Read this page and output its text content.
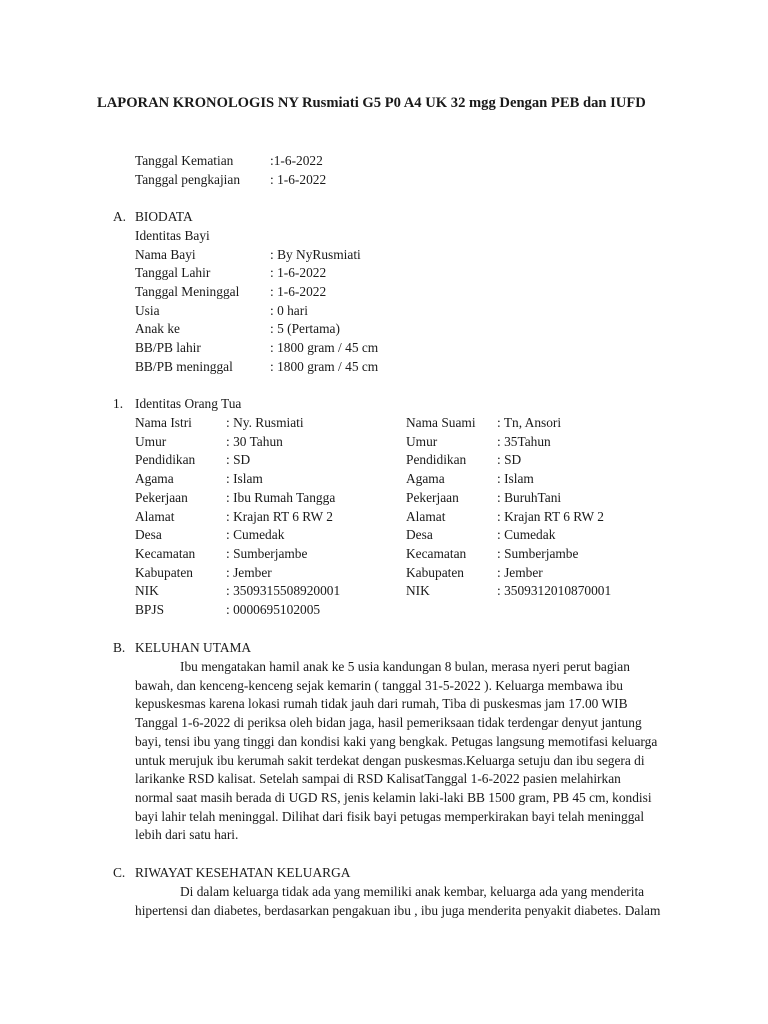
LAPORAN KRONOLOGIS NY Rusmiati G5 P0 A4 UK 32 mgg Dengan PEB dan IUFD
Tanggal Kematian	:1-6-2022
Tanggal pengkajian : 1-6-2022
A. BIODATA
Identitas Bayi
Nama Bayi	: By NyRusmiati
Tanggal Lahir	: 1-6-2022
Tanggal Meninggal : 1-6-2022
Usia	: 0 hari
Anak ke	: 5 (Pertama)
BB/PB lahir	: 1800 gram / 45 cm
BB/PB meninggal	: 1800 gram / 45 cm
1. Identitas Orang Tua
Nama Istri	: Ny. Rusmiati	Nama Suami : Tn, Ansori
Umur	: 30 Tahun	Umur	: 35Tahun
Pendidikan : SD	Pendidikan : SD
Agama	: Islam	Agama	: Islam
Pekerjaan	: Ibu Rumah Tangga	Pekerjaan	: BuruhTani
Alamat	: Krajan RT 6 RW 2	Alamat	: Krajan RT 6 RW 2
Desa	: Cumedak	Desa	: Cumedak
Kecamatan : Sumberjambe	Kecamatan : Sumberjambe
Kabupaten : Jember	Kabupaten : Jember
NIK	: 3509315508920001	NIK	: 3509312010870001
BPJS	: 0000695102005
B. KELUHAN UTAMA
Ibu mengatakan hamil anak ke 5 usia kandungan 8 bulan, merasa nyeri perut bagian
bawah, dan kenceng-kenceng sejak kemarin ( tanggal 31-5-2022 ). Keluarga membawa ibu
kepuskesmas karena lokasi rumah tidak jauh dari rumah, Tiba di puskesmas jam 17.00 WIB
Tanggal 1-6-2022 di periksa oleh bidan jaga, hasil pemeriksaan tidak terdengar denyut jantung
bayi, tensi ibu yang tinggi dan kondisi kaki yang bengkak. Petugas langsung memotifasi keluarga
untuk merujuk ibu kerumah sakit terdekat dengan puskesmas.Keluarga setuju dan ibu segera di
larikanke RSD kalisat. Setelah sampai di RSD KalisatTanggal 1-6-2022 pasien melahirkan
normal saat masih berada di UGD RS, jenis kelamin laki-laki BB 1500 gram, PB 45 cm, kondisi
bayi lahir telah meninggal. Dilihat dari fisik bayi petugas memperkirakan bayi telah meninggal
lebih dari satu hari.
C. RIWAYAT KESEHATAN KELUARGA
Di dalam keluarga tidak ada yang memiliki anak kembar, keluarga ada yang menderita
hipertensi dan diabetes, berdasarkan pengakuan ibu , ibu juga menderita penyakit diabetes. Dalam
